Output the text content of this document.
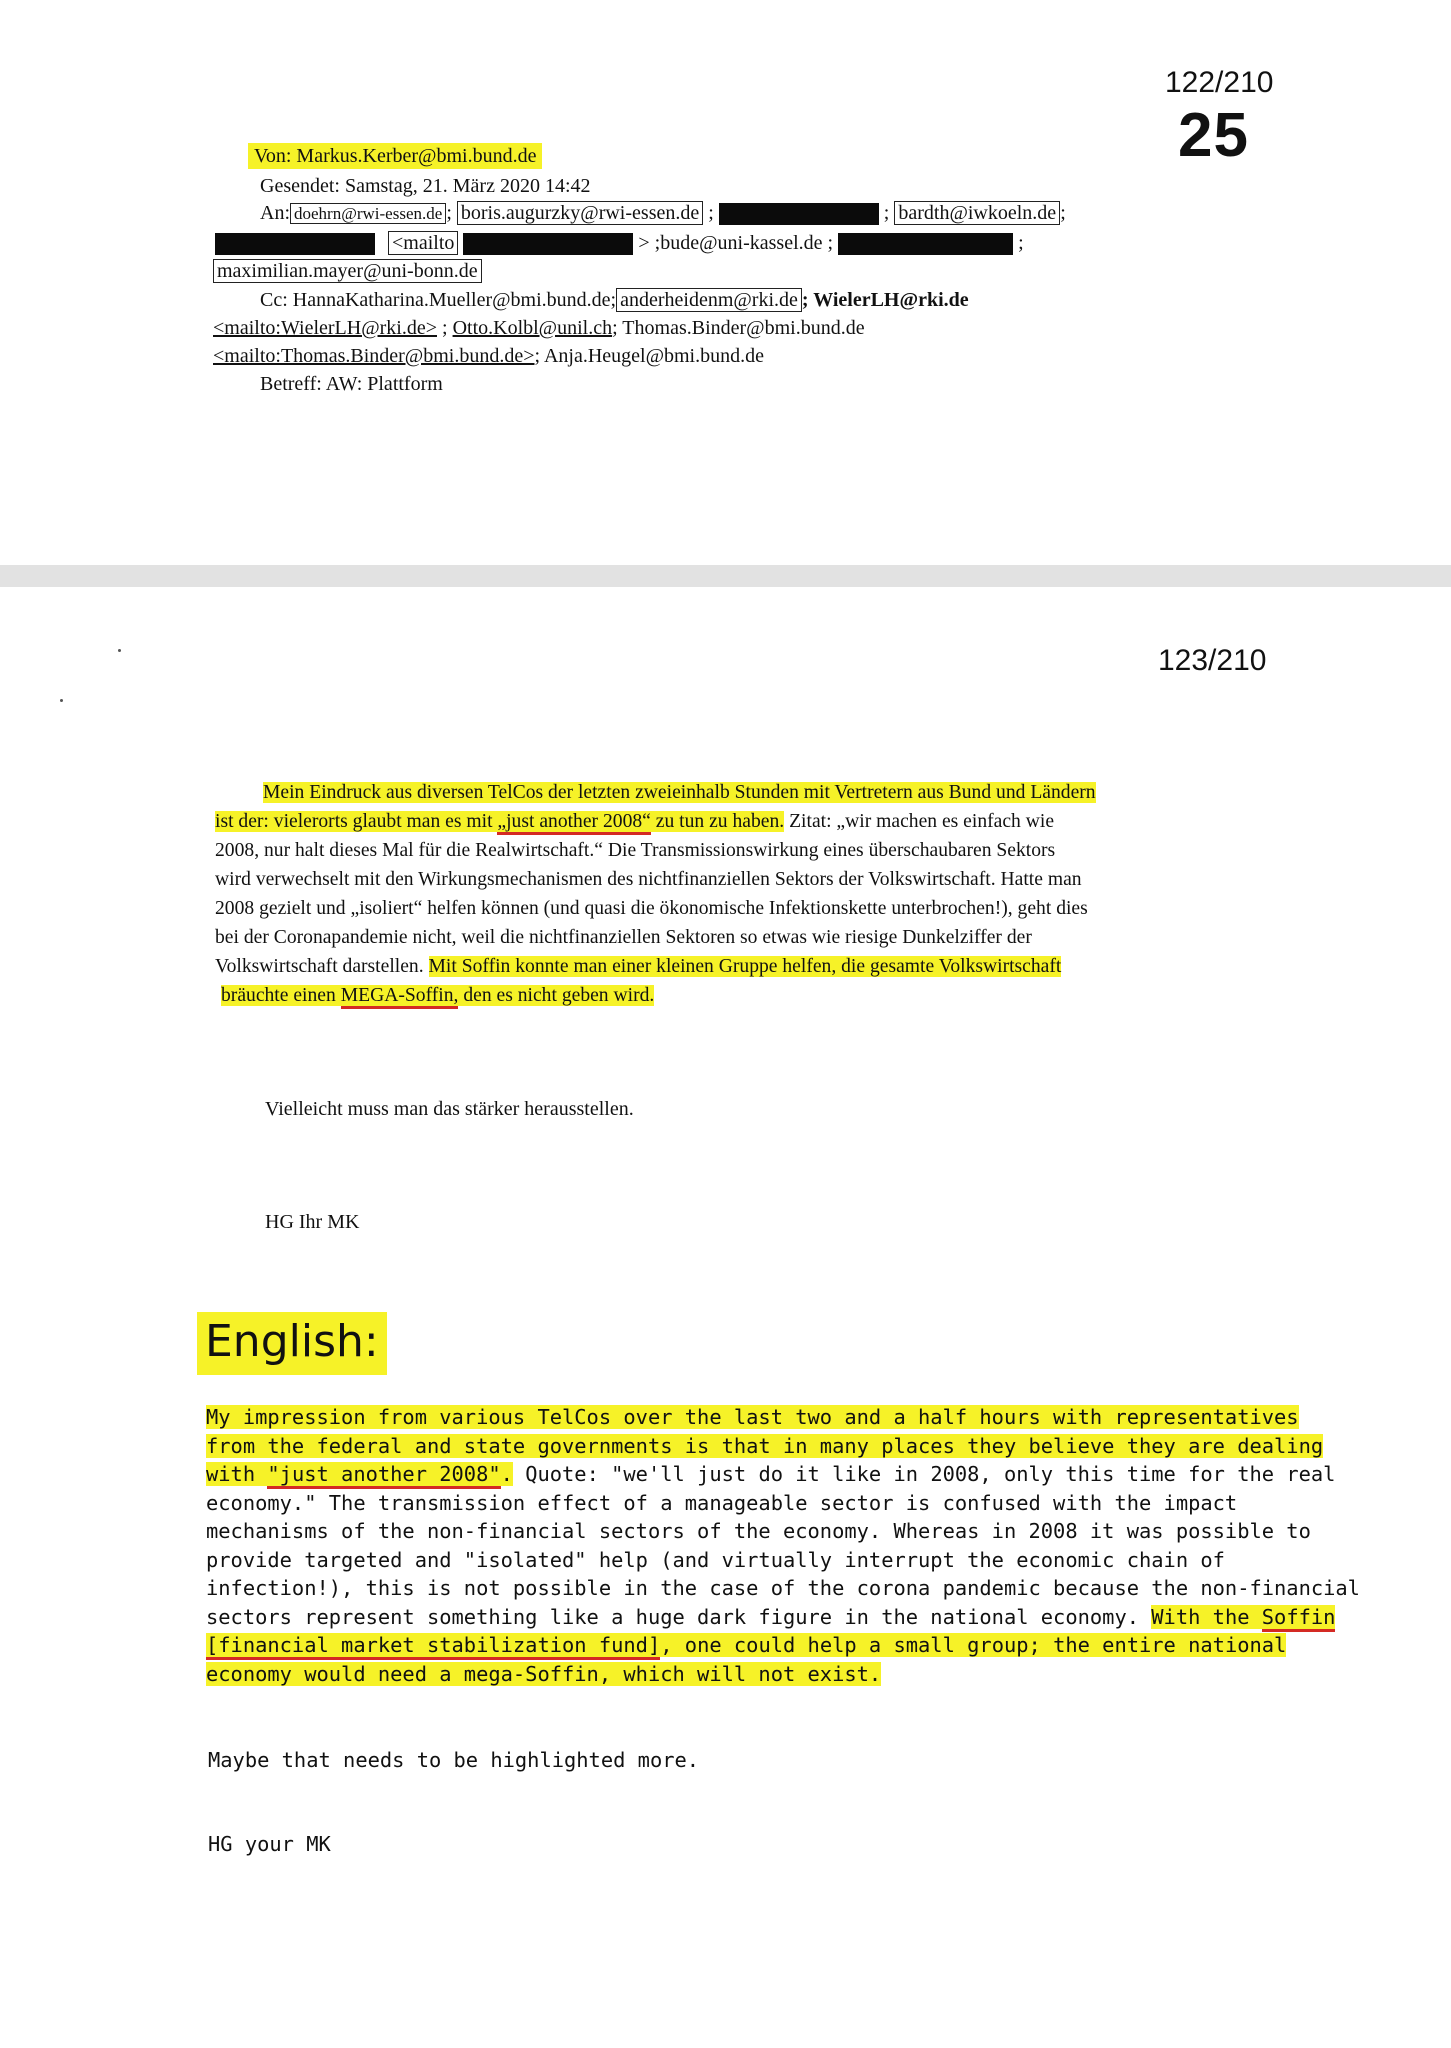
122/210
25
Von: Markus.Kerber@bmi.bund.de
Gesendet: Samstag, 21. März 2020 14:42
An: doehrn@rwi-essen.de ; boris.augurzky@rwi-essen.de ;	; bardth@iwkoeln.de ;
<mailto	> ;bude@uni-kassel.de ;	;
maximilian.mayer@uni-bonn.de
Cc: HannaKatharina.Mueller@bmi.bund.de; anderheidenm@rki.de ; WielerLH@rki.de
<mailto:WielerLH@rki.de> ; Otto.Kolbl@unil.ch; Thomas.Binder@bmi.bund.de
<mailto:Thomas.Binder@bmi.bund.de>; Anja.Heugel@bmi.bund.de
Betreff: AW: Plattform
123/210
Mein Eindruck aus diversen TelCos der letzten zweieinhalb Stunden mit Vertretern aus Bund und Ländern
ist der: vielerorts glaubt man es mit „just another 2008“ zu tun zu haben. Zitat: „wir machen es einfach wie
2008, nur halt dieses Mal für die Realwirtschaft.“ Die Transmissionswirkung eines überschaubaren Sektors
wird verwechselt mit den Wirkungsmechanismen des nichtfinanziellen Sektors der Volkswirtschaft. Hatte man
2008 gezielt und „isoliert“ helfen können (und quasi die ökonomische Infektionskette unterbrochen!), geht dies
bei der Coronapandemie nicht, weil die nichtfinanziellen Sektoren so etwas wie riesige Dunkelziffer der
Volkswirtschaft darstellen. Mit Soffin konnte man einer kleinen Gruppe helfen, die gesamte Volkswirtschaft
bräuchte einen MEGA-Soffin, den es nicht geben wird.
Vielleicht muss man das stärker herausstellen.
HG Ihr MK
English:
My impression from various TelCos over the last two and a half hours with representatives
from the federal and state governments is that in many places they believe they are dealing
with "just another 2008". Quote: "we'll just do it like in 2008, only this time for the real
economy." The transmission effect of a manageable sector is confused with the impact
mechanisms of the non-financial sectors of the economy. Whereas in 2008 it was possible to
provide targeted and "isolated" help (and virtually interrupt the economic chain of
infection!), this is not possible in the case of the corona pandemic because the non-financial
sectors represent something like a huge dark figure in the national economy. With the Soffin
[financial market stabilization fund], one could help a small group; the entire national
economy would need a mega-Soffin, which will not exist.
Maybe that needs to be highlighted more.
HG your MK
